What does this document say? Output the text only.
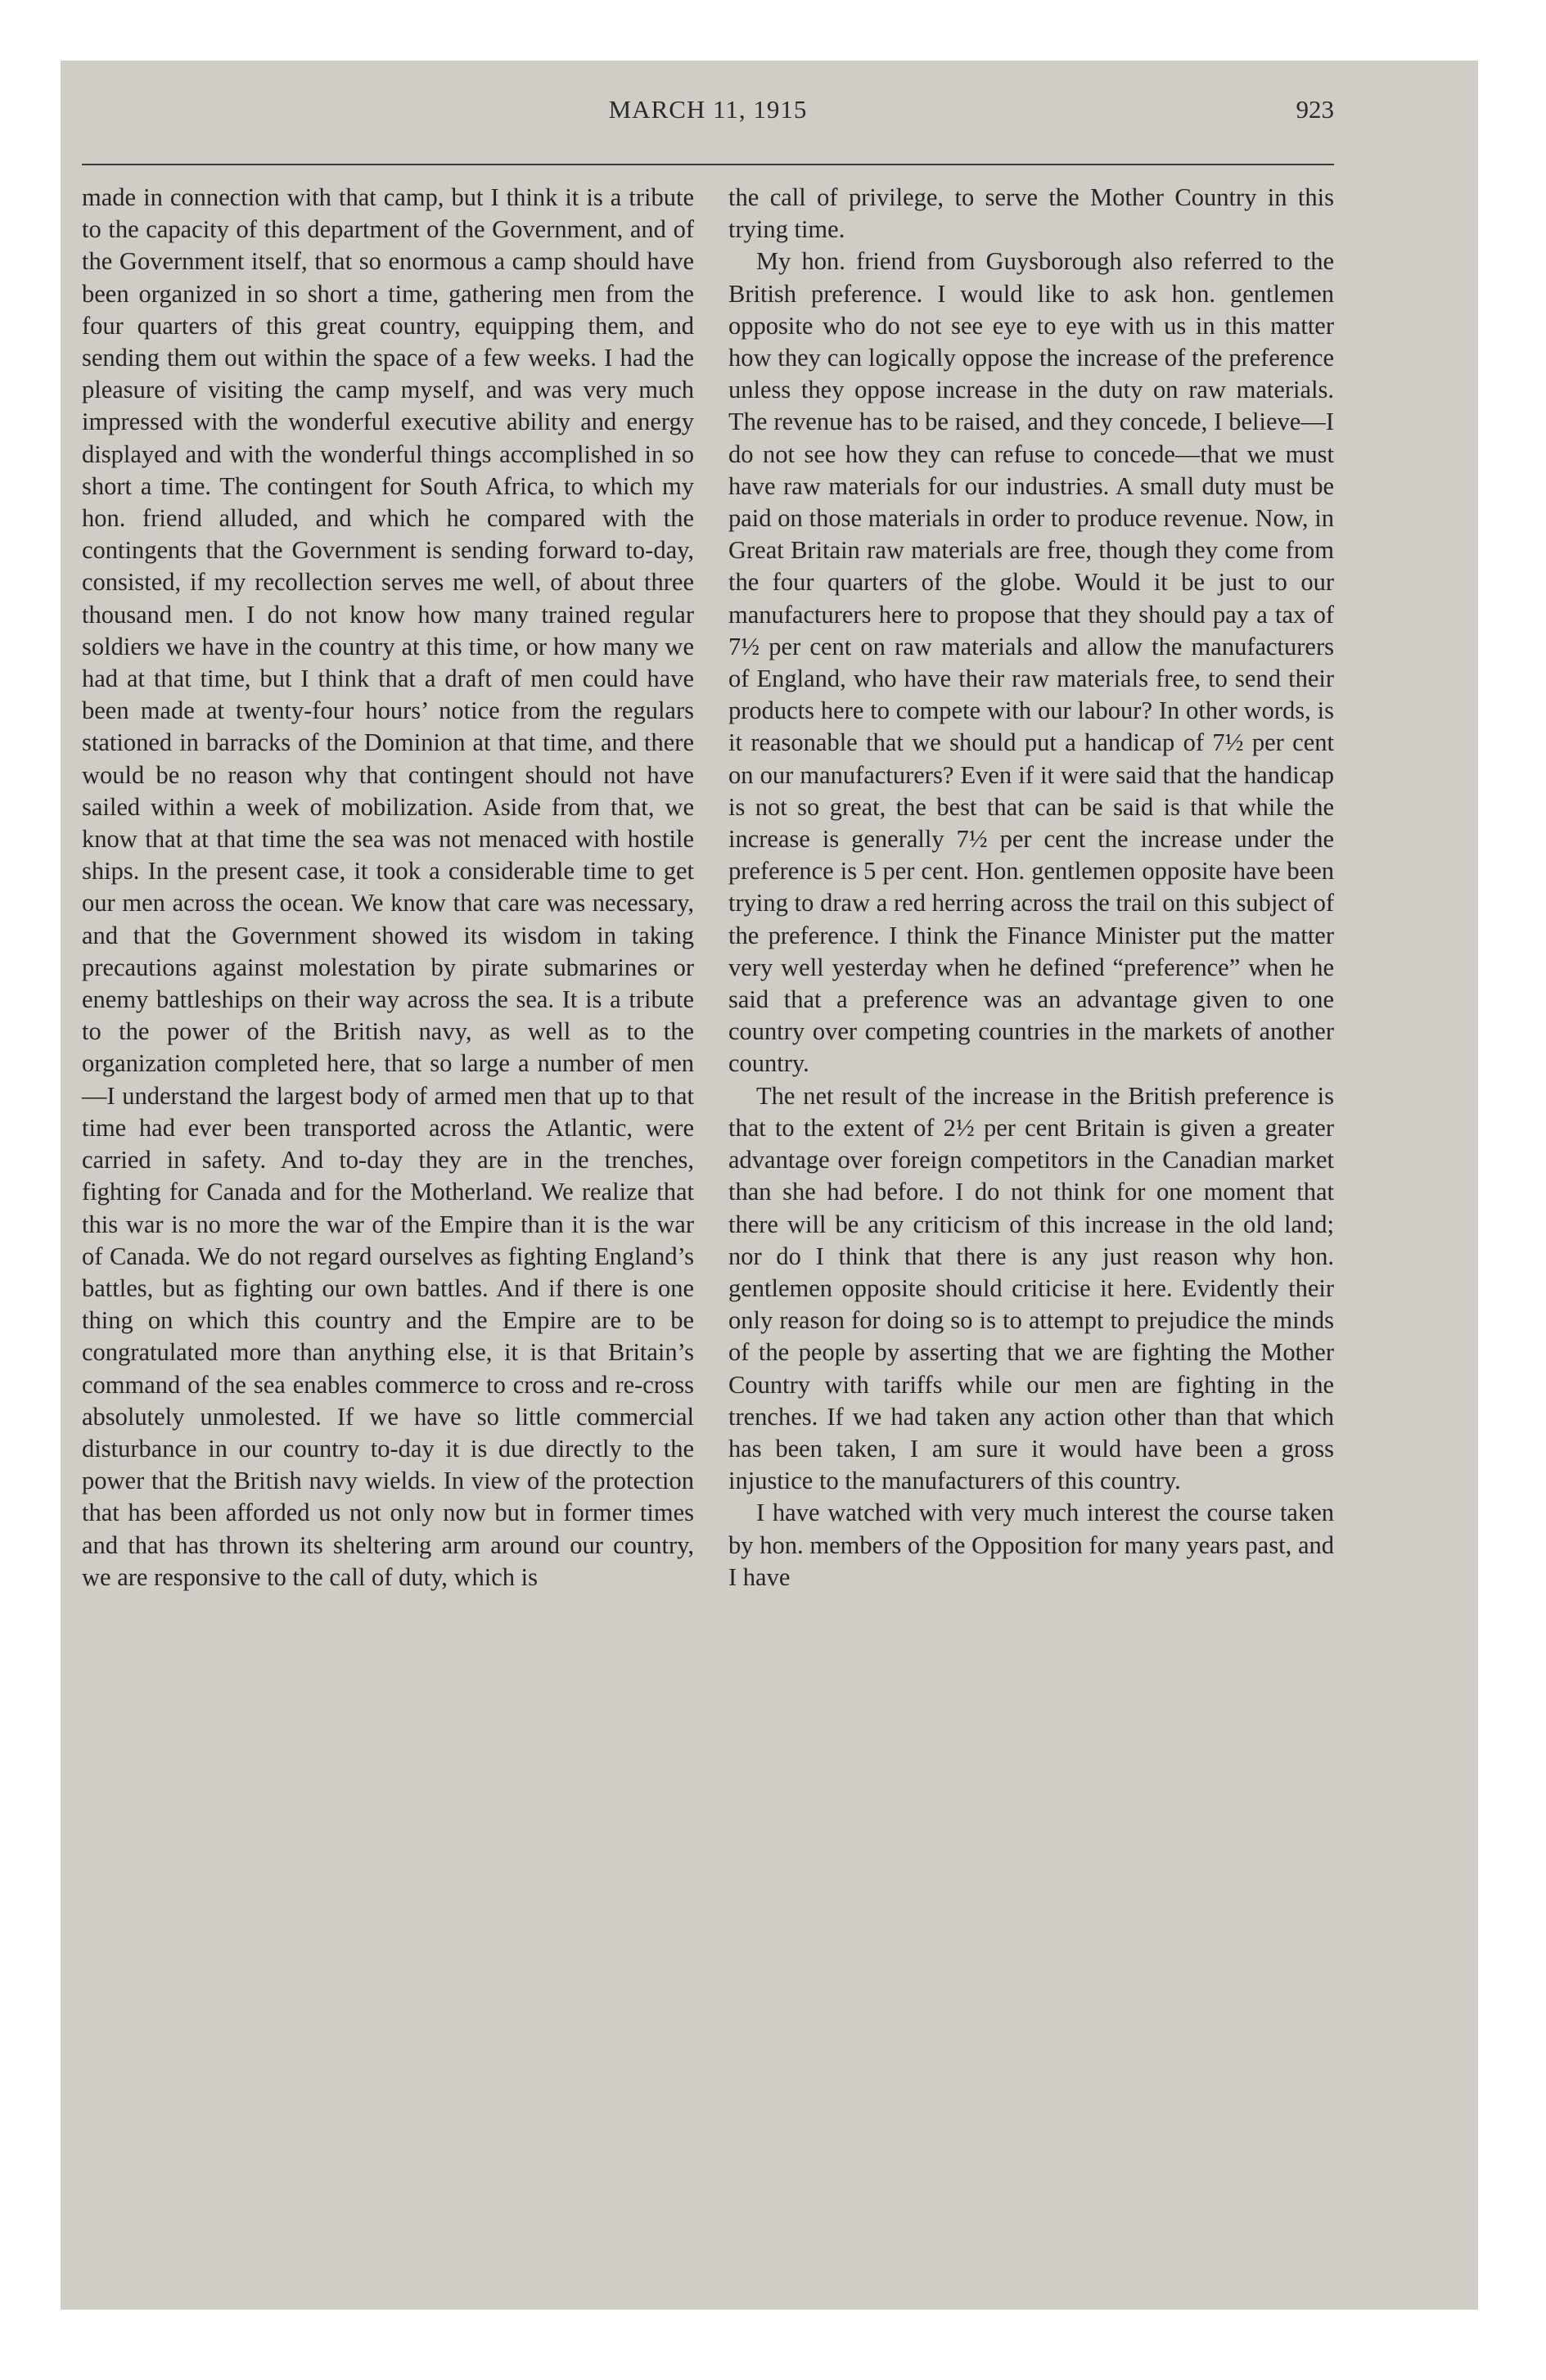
MARCH 11, 1915	923

made in connection with that camp, but I think it is a tribute to the capacity of this department of the Government, and of the Government itself, that so enormous a camp should have been organized in so short a time, gathering men from the four quarters of this great country, equipping them, and sending them out within the space of a few weeks. I had the pleasure of visiting the camp myself, and was very much impressed with the wonderful executive ability and energy displayed and with the wonderful things accomplished in so short a time. The contingent for South Africa, to which my hon. friend alluded, and which he compared with the contingents that the Government is sending forward to-day, consisted, if my recollection serves me well, of about three thousand men. I do not know how many trained regular soldiers we have in the country at this time, or how many we had at that time, but I think that a draft of men could have been made at twenty-four hours’ notice from the regulars stationed in barracks of the Dominion at that time, and there would be no reason why that contingent should not have sailed within a week of mobilization. Aside from that, we know that at that time the sea was not menaced with hostile ships. In the present case, it took a considerable time to get our men across the ocean. We know that care was necessary, and that the Government showed its wisdom in taking precautions against molestation by pirate submarines or enemy battleships on their way across the sea. It is a tribute to the power of the British navy, as well as to the organization completed here, that so large a number of men—I understand the largest body of armed men that up to that time had ever been transported across the Atlantic, were carried in safety. And to-day they are in the trenches, fighting for Canada and for the Motherland. We realize that this war is no more the war of the Empire than it is the war of Canada. We do not regard ourselves as fighting England’s battles, but as fighting our own battles. And if there is one thing on which this country and the Empire are to be congratulated more than anything else, it is that Britain’s command of the sea enables commerce to cross and re-cross absolutely unmolested. If we have so little commercial disturbance in our country to-day it is due directly to the power that the British navy wields. In view of the protection that has been afforded us not only now but in former times and that has thrown its sheltering arm around our country, we are responsive to the call of duty, which is

the call of privilege, to serve the Mother Country in this trying time.

My hon. friend from Guysborough also referred to the British preference. I would like to ask hon. gentlemen opposite who do not see eye to eye with us in this matter how they can logically oppose the increase of the preference unless they oppose increase in the duty on raw materials. The revenue has to be raised, and they concede, I believe—I do not see how they can refuse to concede—that we must have raw materials for our industries. A small duty must be paid on those materials in order to produce revenue. Now, in Great Britain raw materials are free, though they come from the four quarters of the globe. Would it be just to our manufacturers here to propose that they should pay a tax of 7½ per cent on raw materials and allow the manufacturers of England, who have their raw materials free, to send their products here to compete with our labour? In other words, is it reasonable that we should put a handicap of 7½ per cent on our manufacturers? Even if it were said that the handicap is not so great, the best that can be said is that while the increase is generally 7½ per cent the increase under the preference is 5 per cent. Hon. gentlemen opposite have been trying to draw a red herring across the trail on this subject of the preference. I think the Finance Minister put the matter very well yesterday when he defined “preference” when he said that a preference was an advantage given to one country over competing countries in the markets of another country.

The net result of the increase in the British preference is that to the extent of 2½ per cent Britain is given a greater advantage over foreign competitors in the Canadian market than she had before. I do not think for one moment that there will be any criticism of this increase in the old land; nor do I think that there is any just reason why hon. gentlemen opposite should criticise it here. Evidently their only reason for doing so is to attempt to prejudice the minds of the people by asserting that we are fighting the Mother Country with tariffs while our men are fighting in the trenches. If we had taken any action other than that which has been taken, I am sure it would have been a gross injustice to the manufacturers of this country.

I have watched with very much interest the course taken by hon. members of the Opposition for many years past, and I have
